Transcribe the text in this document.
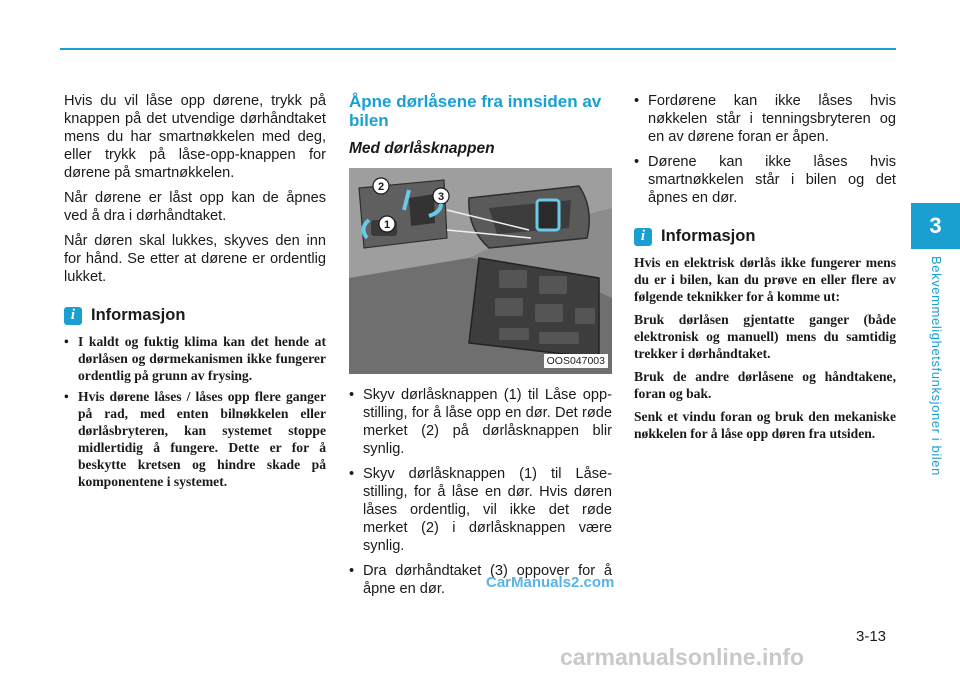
3
Bekvemmelighetsfunksjoner i bilen

Hvis du vil låse opp dørene, trykk på knappen på det utvendige dørhåndtaket mens du har smartnøkkelen med deg, eller trykk på låse-opp-knappen for dørene på smartnøkkelen.

Når dørene er låst opp kan de åpnes ved å dra i dørhåndtaket.

Når døren skal lukkes, skyves den inn for hånd. Se etter at dørene er ordentlig lukket.

i Informasjon
• I kaldt og fuktig klima kan det hende at dørlåsen og dørmekanismen ikke fungerer ordentlig på grunn av frysing.
• Hvis dørene låses / låses opp flere ganger på rad, med enten bilnøkkelen eller dørlåsbryteren, kan systemet stoppe midlertidig å fungere. Dette er for å beskytte kretsen og hindre skade på komponentene i systemet.
Åpne dørlåsene fra innsiden av bilen
Med dørlåsknappen
1
2
3
OOS047003
• Skyv dørlåsknappen (1) til Låse opp- stilling, for å låse opp en dør. Det røde merket (2) på dørlåsknappen blir synlig.
• Skyv dørlåsknappen (1) til Låse- stilling, for å låse en dør. Hvis døren låses ordentlig, vil ikke det røde merket (2) i dørlåsknappen være synlig.
• Dra dørhåndtaket (3) oppover for å åpne en dør.
• Fordørene kan ikke låses hvis nøkkelen står i tenningsbryteren og en av dørene foran er åpen.
• Dørene kan ikke låses hvis smartnøkkelen står i bilen og det åpnes en dør.
i Informasjon

Hvis en elektrisk dørlås ikke fungerer mens du er i bilen, kan du prøve en eller flere av følgende teknikker for å komme ut:

Bruk dørlåsen gjentatte ganger (både elektronisk og manuell) mens du samtidig trekker i dørhåndtaket.

Bruk de andre dørlåsene og håndtakene, foran og bak.

Senk et vindu foran og bruk den mekaniske nøkkelen for å låse opp døren fra utsiden.

CarManuals2.com
3-13
carmanualsonline.info
